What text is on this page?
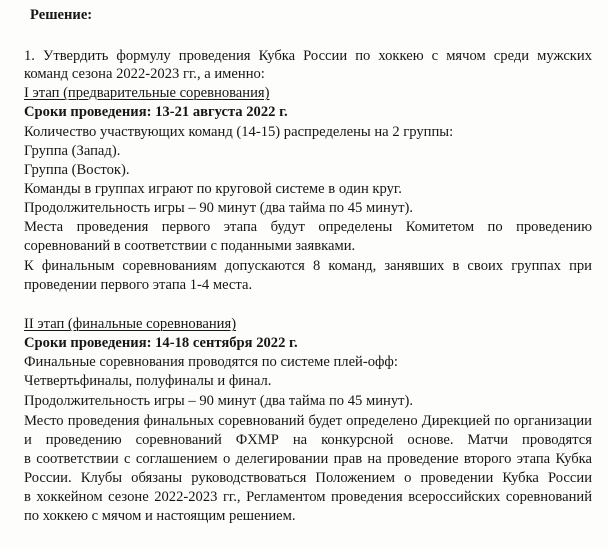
Решение:
1. Утвердить формулу проведения Кубка России по хоккею с мячом среди мужских
команд сезона 2022-2023 гг., а именно:
I этап (предварительные соревнования)
Сроки проведения: 13-21 августа 2022 г.
Количество участвующих команд (14-15) распределены на 2 группы:
Группа (Запад).
Группа (Восток).
Команды в группах играют по круговой системе в один круг.
Продолжительность игры – 90 минут (два тайма по 45 минут).
Места проведения первого этапа будут определены Комитетом по проведению
соревнований в соответствии с поданными заявками.
К финальным соревнованиям допускаются 8 команд, занявших в своих группах при
проведении первого этапа 1-4 места.
II этап (финальные соревнования)
Сроки проведения: 14-18 сентября 2022 г.
Финальные соревнования проводятся по системе плей-офф:
Четвертьфиналы, полуфиналы и финал.
Продолжительность игры – 90 минут (два тайма по 45 минут).
Место проведения финальных соревнований будет определено Дирекцией по организации
и проведению соревнований ФХМР на конкурсной основе. Матчи проводятся
в соответствии с соглашением о делегировании прав на проведение второго этапа Кубка
России. Клубы обязаны руководствоваться Положением о проведении Кубка России
в хоккейном сезоне 2022-2023 гг., Регламентом проведения всероссийских соревнований
по хоккею с мячом и настоящим решением.
